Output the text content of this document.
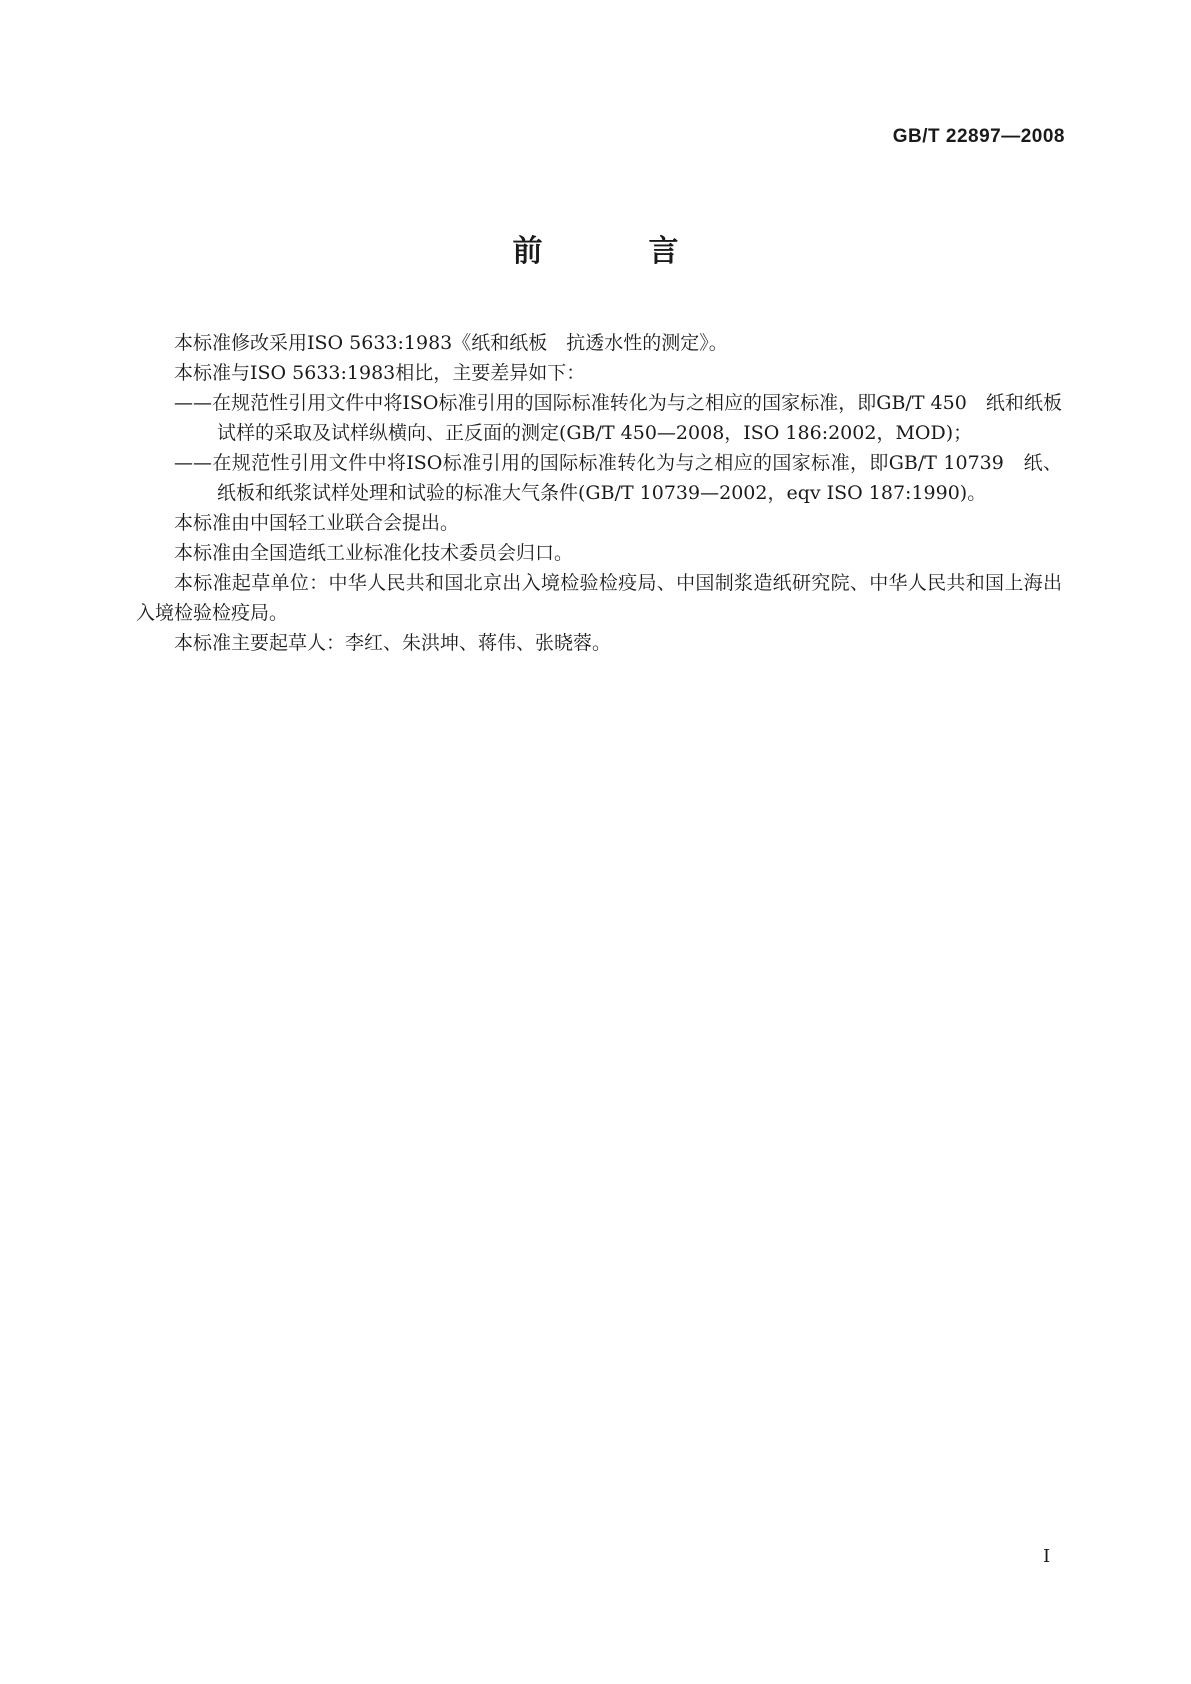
GB/T 22897—2008
前　言

本标准修改采用ISO 5633:1983《纸和纸板　抗透水性的测定》。

本标准与ISO 5633:1983相比，主要差异如下：

——在规范性引用文件中将ISO标准引用的国际标准转化为与之相应的国家标准，即GB/T 450　纸和纸板　试样的采取及试样纵横向、正反面的测定(GB/T 450—2008，ISO 186:2002，MOD)；

——在规范性引用文件中将ISO标准引用的国际标准转化为与之相应的国家标准，即GB/T 10739　纸、纸板和纸浆试样处理和试验的标准大气条件(GB/T 10739—2002，eqv ISO 187:1990)。

本标准由中国轻工业联合会提出。

本标准由全国造纸工业标准化技术委员会归口。

本标准起草单位：中华人民共和国北京出入境检验检疫局、中国制浆造纸研究院、中华人民共和国上海出入境检验检疫局。

本标准主要起草人：李红、朱洪坤、蒋伟、张晓蓉。

I
